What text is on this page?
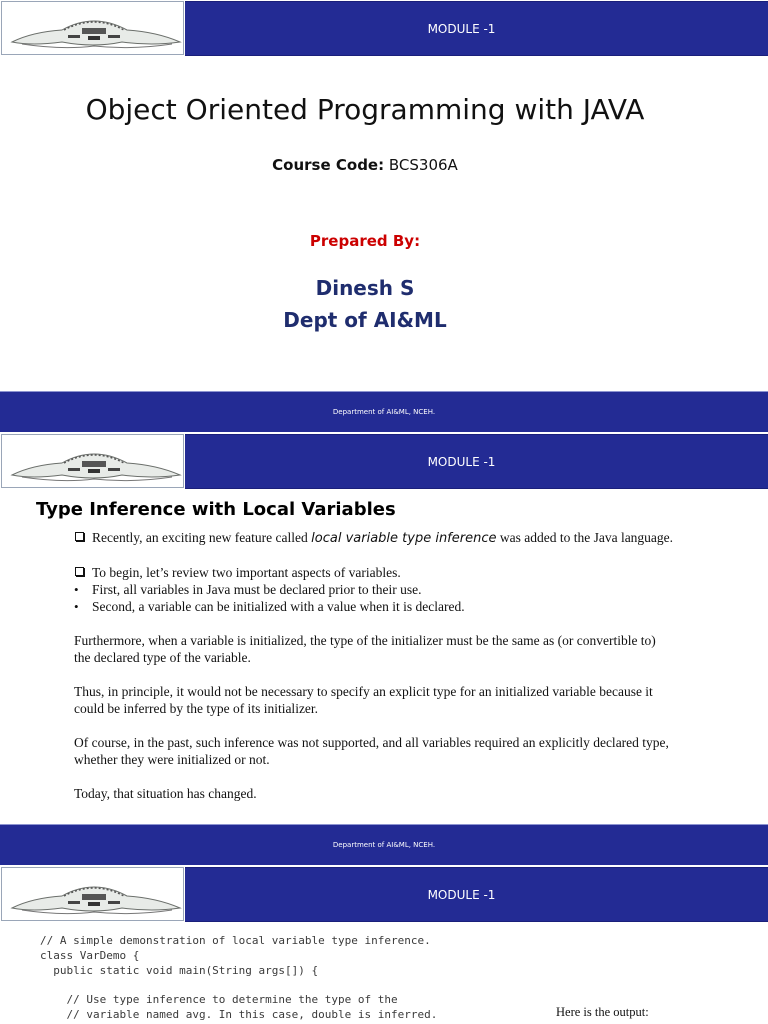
MODULE -1
Object Oriented Programming with JAVA
Course Code: BCS306A
Prepared By:
Dinesh S
Dept of AI&ML
Department of AI&ML, NCEH.
MODULE -1
Type Inference with Local Variables
Recently, an exciting new feature called local variable type inference was added to the Java language.
To begin, let’s review two important aspects of variables.
• First, all variables in Java must be declared prior to their use.
• Second, a variable can be initialized with a value when it is declared.

Furthermore, when a variable is initialized, the type of the initializer must be the same as (or convertible to) the declared type of the variable.

Thus, in principle, it would not be necessary to specify an explicit type for an initialized variable because it could be inferred by the type of its initializer.

Of course, in the past, such inference was not supported, and all variables required an explicitly declared type, whether they were initialized or not.

Today, that situation has changed.

Department of AI&ML, NCEH.
MODULE -1
// A simple demonstration of local variable type inference.
class VarDemo {
public static void main(String args[]) {

// Use type inference to determine the type of the
// variable named avg. In this case, double is inferred.	Here is the output:
